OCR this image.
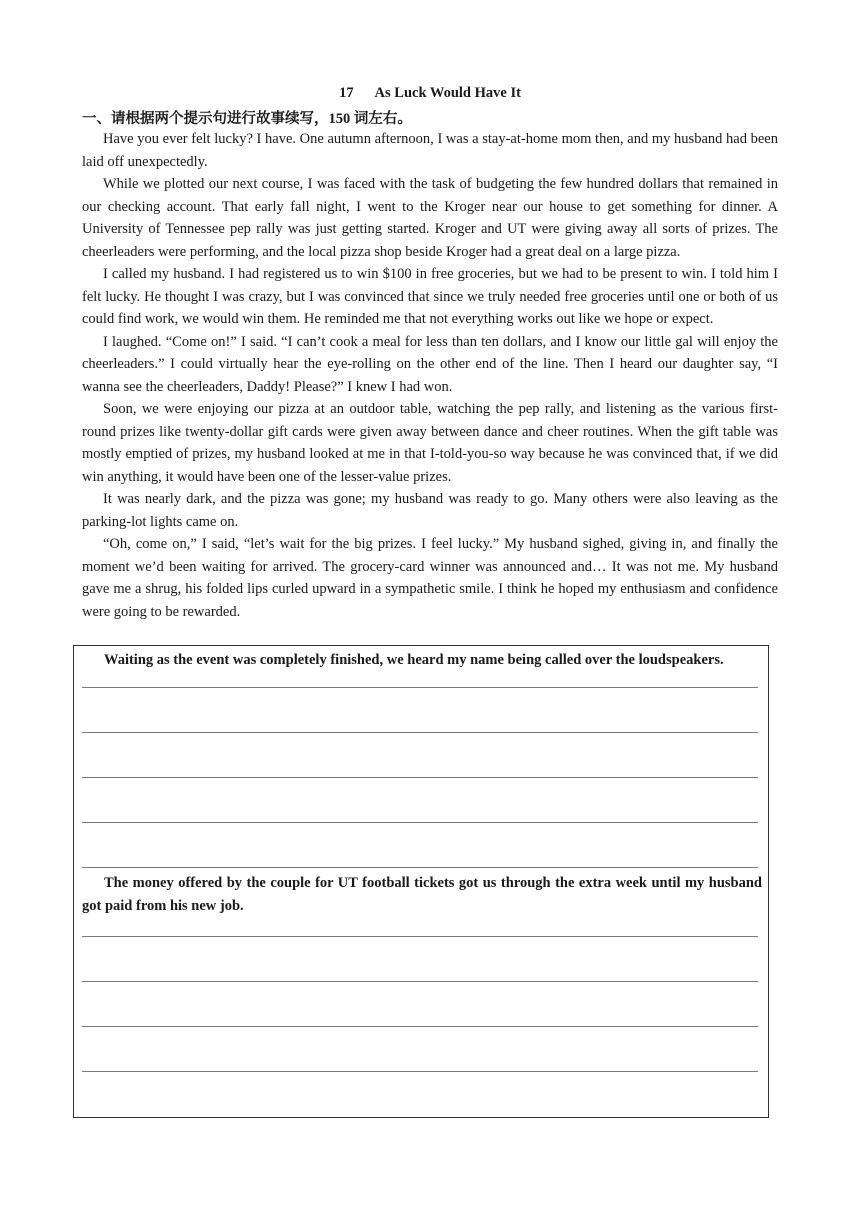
17 As Luck Would Have It
一、请根据两个提示句进行故事续写，150 词左右。

Have you ever felt lucky? I have. One autumn afternoon, I was a stay-at-home mom then, and my husband had been laid off unexpectedly.

While we plotted our next course, I was faced with the task of budgeting the few hundred dollars that remained in our checking account. That early fall night, I went to the Kroger near our house to get something for dinner. A University of Tennessee pep rally was just getting started. Kroger and UT were giving away all sorts of prizes. The cheerleaders were performing, and the local pizza shop beside Kroger had a great deal on a large pizza.

I called my husband. I had registered us to win $100 in free groceries, but we had to be present to win. I told him I felt lucky. He thought I was crazy, but I was convinced that since we truly needed free groceries until one or both of us could find work, we would win them. He reminded me that not everything works out like we hope or expect.

I laughed. “Come on!” I said. “I can’t cook a meal for less than ten dollars, and I know our little gal will enjoy the cheerleaders.” I could virtually hear the eye-rolling on the other end of the line. Then I heard our daughter say, “I wanna see the cheerleaders, Daddy! Please?” I knew I had won.

Soon, we were enjoying our pizza at an outdoor table, watching the pep rally, and listening as the various first-round prizes like twenty-dollar gift cards were given away between dance and cheer routines. When the gift table was mostly emptied of prizes, my husband looked at me in that I-told-you-so way because he was convinced that, if we did win anything, it would have been one of the lesser-value prizes.

It was nearly dark, and the pizza was gone; my husband was ready to go. Many others were also leaving as the parking-lot lights came on.

“Oh, come on,” I said, “let’s wait for the big prizes. I feel lucky.” My husband sighed, giving in, and finally the moment we’d been waiting for arrived. The grocery-card winner was announced and… It was not me. My husband gave me a shrug, his folded lips curled upward in a sympathetic smile. I think he hoped my enthusiasm and confidence were going to be rewarded.

Waiting as the event was completely finished, we heard my name being called over the loudspeakers.
The money offered by the couple for UT football tickets got us through the extra week until my husband got paid from his new job.
